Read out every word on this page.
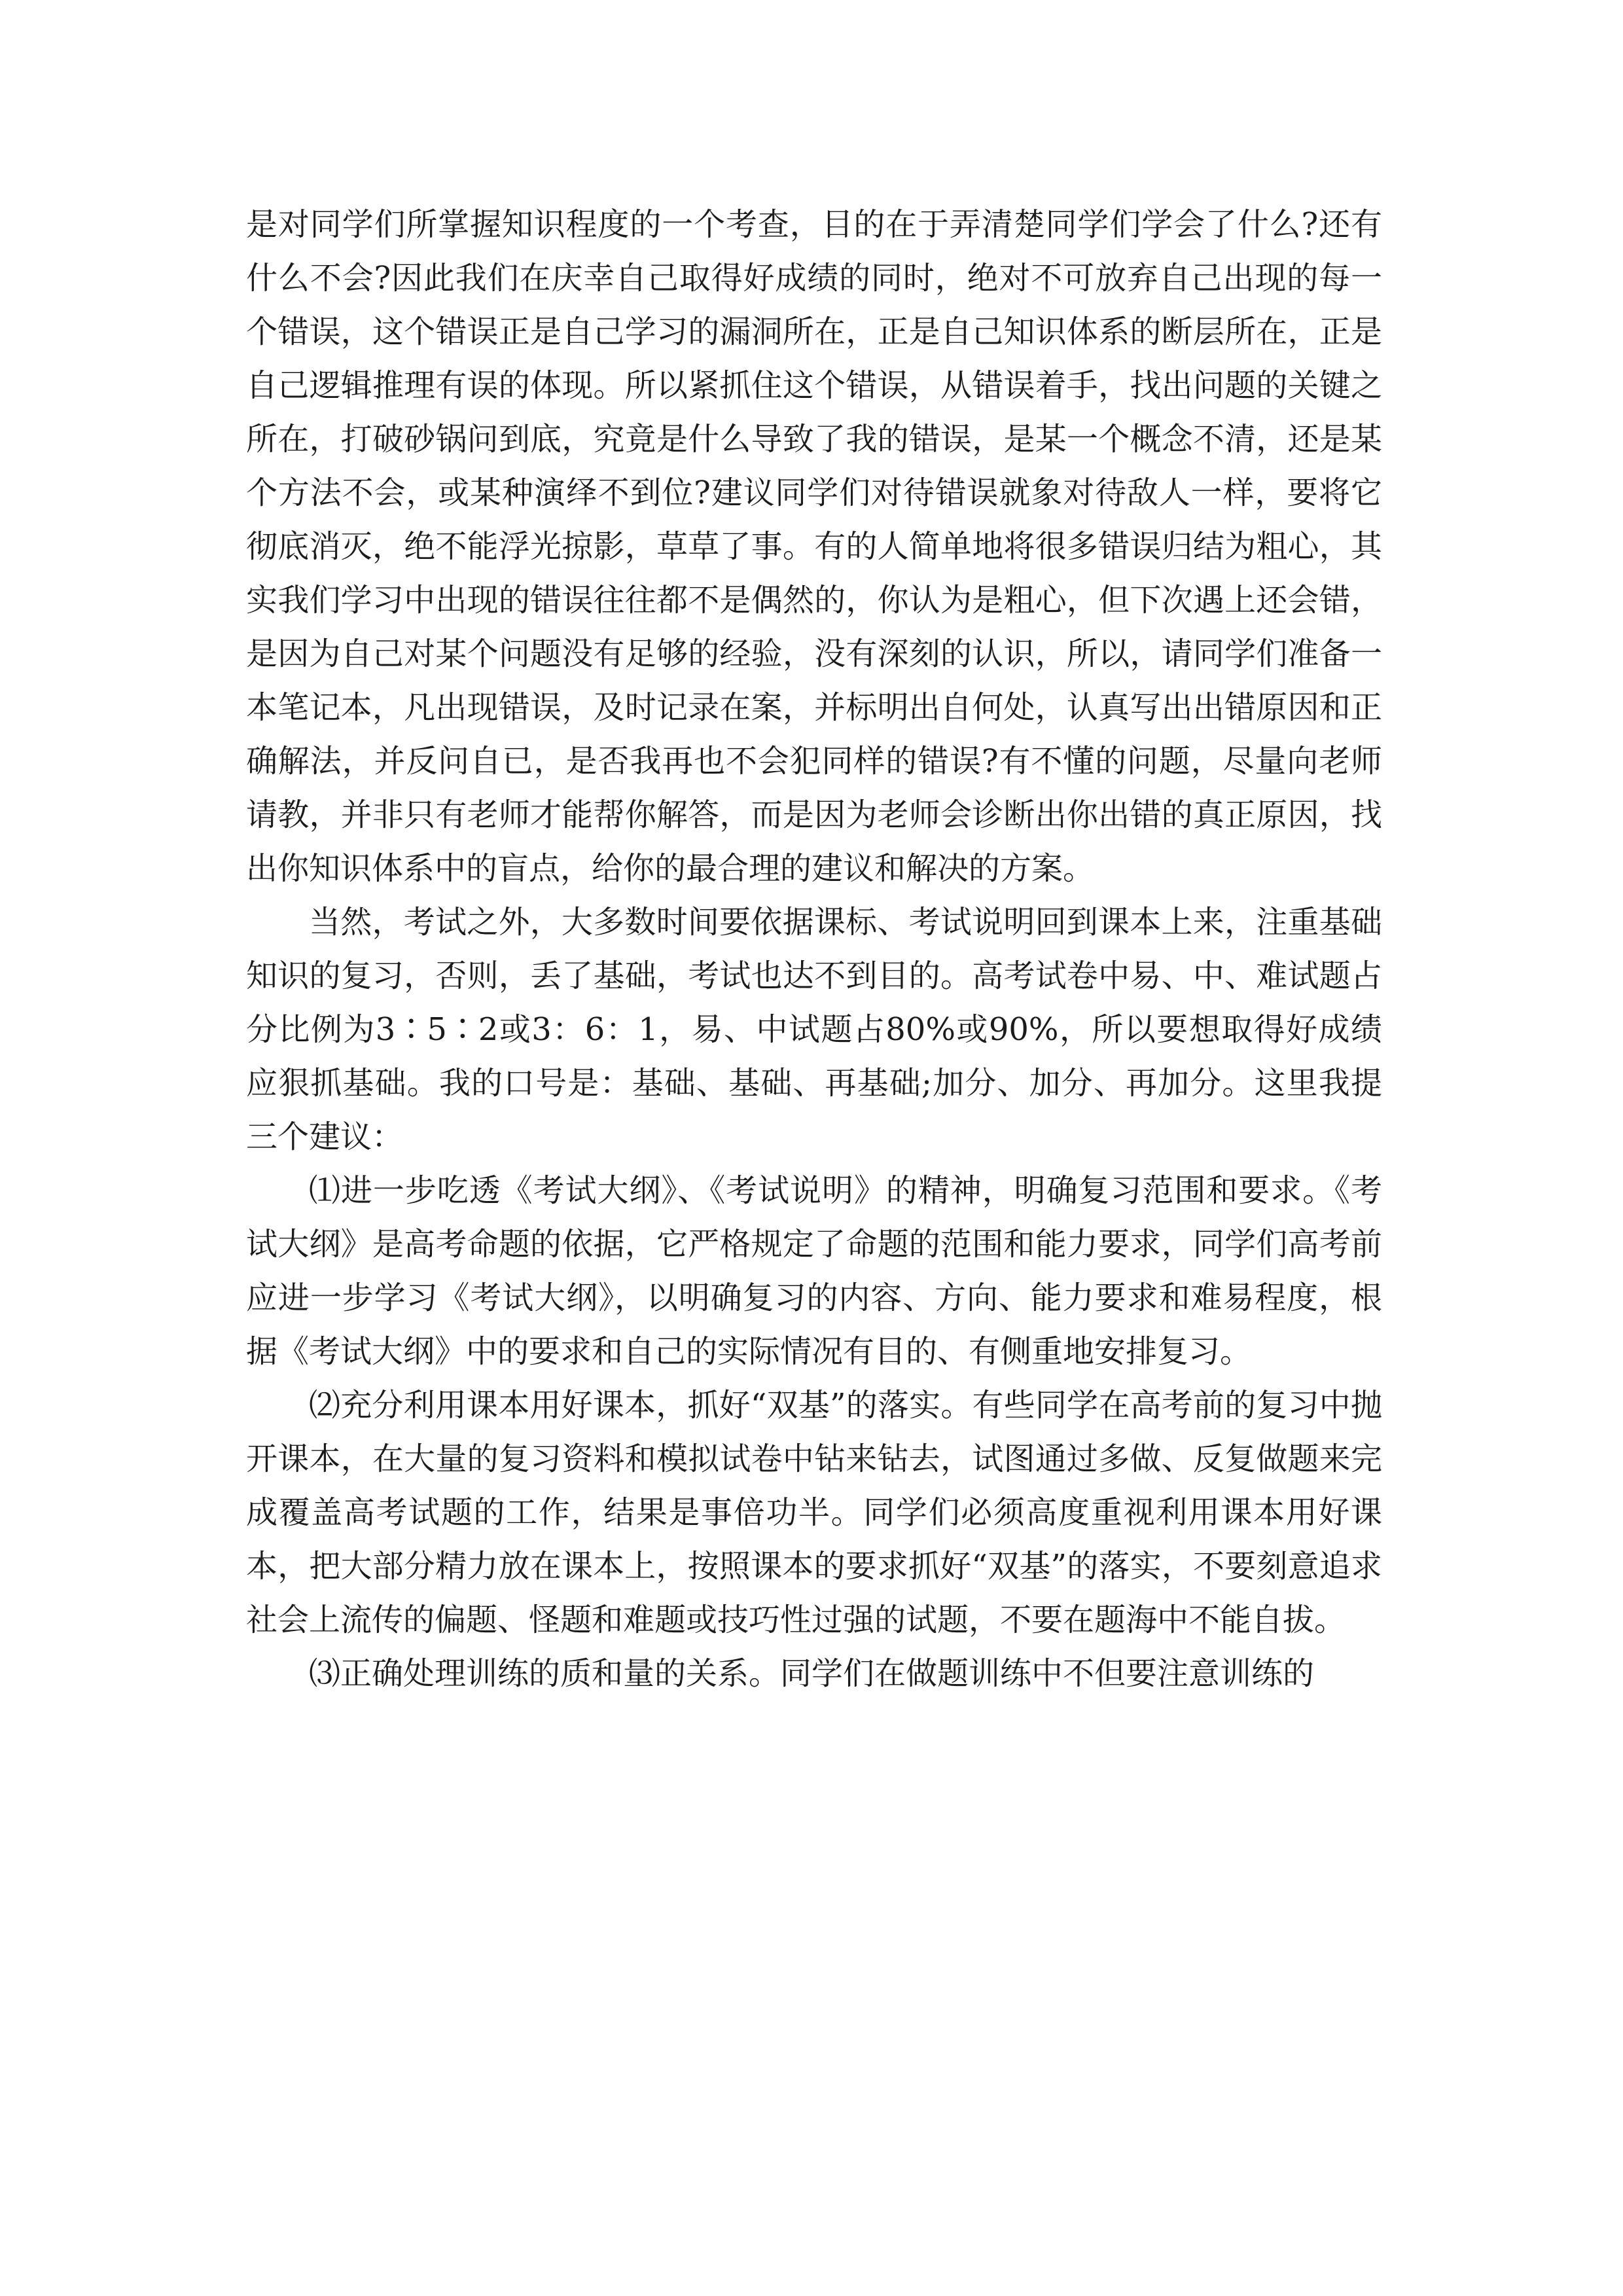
是对同学们所掌握知识程度的一个考查，目的在于弄清楚同学们学会了什么?还有什么不会?因此我们在庆幸自己取得好成绩的同时，绝对不可放弃自己出现的每一个错误，这个错误正是自己学习的漏洞所在，正是自己知识体系的断层所在，正是自己逻辑推理有误的体现。所以紧抓住这个错误，从错误着手，找出问题的关键之所在，打破砂锅问到底，究竟是什么导致了我的错误，是某一个概念不清，还是某个方法不会，或某种演绎不到位?建议同学们对待错误就象对待敌人一样，要将它彻底消灭，绝不能浮光掠影，草草了事。有的人简单地将很多错误归结为粗心，其实我们学习中出现的错误往往都不是偶然的，你认为是粗心，但下次遇上还会错，是因为自己对某个问题没有足够的经验，没有深刻的认识，所以，请同学们准备一本笔记本，凡出现错误，及时记录在案，并标明出自何处，认真写出出错原因和正确解法，并反问自已，是否我再也不会犯同样的错误?有不懂的问题，尽量向老师请教，并非只有老师才能帮你解答，而是因为老师会诊断出你出错的真正原因，找出你知识体系中的盲点，给你的最合理的建议和解决的方案。

当然，考试之外，大多数时间要依据课标、考试说明回到课本上来，注重基础知识的复习，否则，丢了基础，考试也达不到目的。高考试卷中易、中、难试题占分比例为3∶5∶2或3：6：1，易、中试题占80%或90%，所以要想取得好成绩应狠抓基础。我的口号是：基础、基础、再基础;加分、加分、再加分。这里我提三个建议：

⑴进一步吃透《考试大纲》、《考试说明》的精神，明确复习范围和要求。《考试大纲》是高考命题的依据，它严格规定了命题的范围和能力要求，同学们高考前应进一步学习《考试大纲》，以明确复习的内容、方向、能力要求和难易程度，根据《考试大纲》中的要求和自己的实际情况有目的、有侧重地安排复习。

⑵充分利用课本用好课本，抓好“双基”的落实。有些同学在高考前的复习中抛开课本，在大量的复习资料和模拟试卷中钻来钻去，试图通过多做、反复做题来完成覆盖高考试题的工作，结果是事倍功半。同学们必须高度重视利用课本用好课本，把大部分精力放在课本上，按照课本的要求抓好“双基”的落实，不要刻意追求社会上流传的偏题、怪题和难题或技巧性过强的试题，不要在题海中不能自拔。

⑶正确处理训练的质和量的关系。同学们在做题训练中不但要注意训练的
